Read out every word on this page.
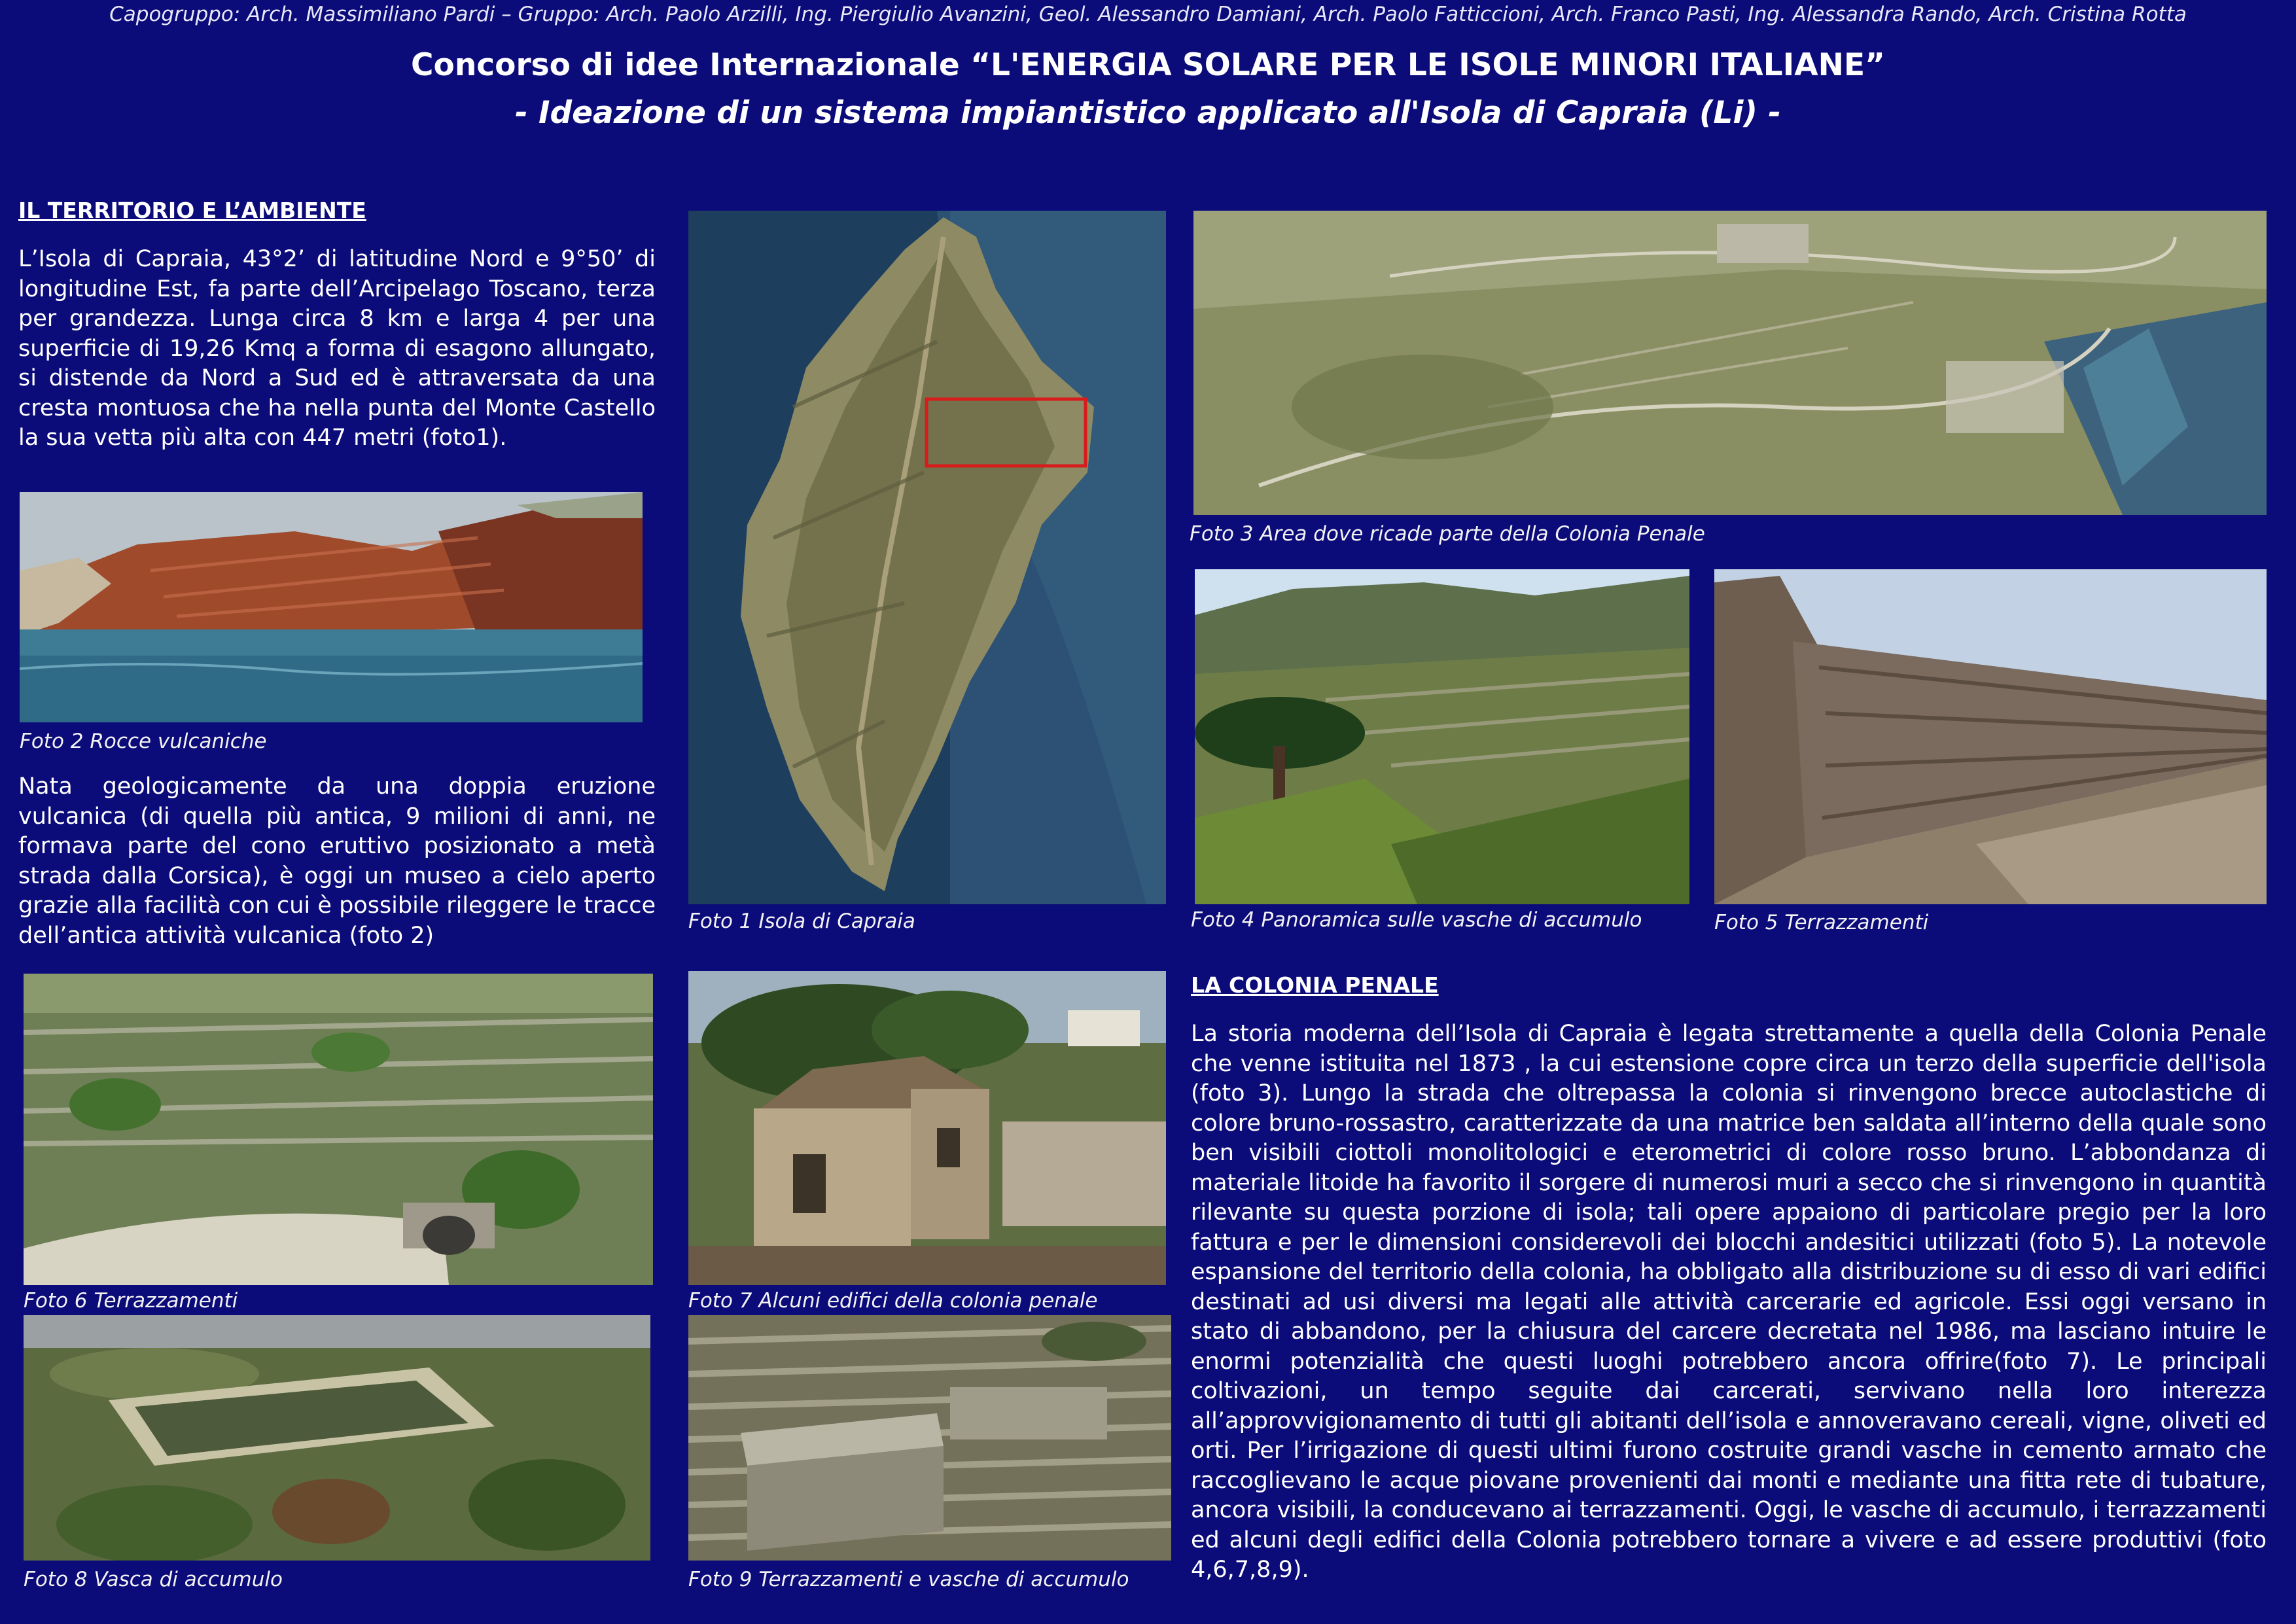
Capogruppo: Arch. Massimiliano Pardi – Gruppo: Arch. Paolo Arzilli, Ing. Piergiulio Avanzini, Geol. Alessandro Damiani, Arch. Paolo Fatticcioni, Arch. Franco Pasti, Ing. Alessandra Rando, Arch. Cristina Rotta
Concorso di idee Internazionale “L'ENERGIA SOLARE PER LE ISOLE MINORI ITALIANE”
- Ideazione di un sistema impiantistico applicato all'Isola di Capraia (Li) -
IL TERRITORIO E L’AMBIENTE
L’Isola di Capraia, 43°2’ di latitudine Nord e 9°50’ di longitudine Est, fa parte dell’Arcipelago Toscano, terza per grandezza. Lunga circa 8 km e larga 4 per una superficie di 19,26 Kmq a forma di esagono allungato, si distende da Nord a Sud ed è attraversata da una cresta montuosa che ha nella punta del Monte Castello la sua vetta più alta con 447 metri (foto1).
Foto 2 Rocce vulcaniche
Nata geologicamente da una doppia eruzione vulcanica (di quella più antica, 9 milioni di anni, ne formava parte del cono eruttivo posizionato a metà strada dalla Corsica), è oggi un museo a cielo aperto grazie alla facilità con cui è possibile rileggere le tracce dell’antica attività vulcanica (foto 2)
Foto 6 Terrazzamenti
Foto 8 Vasca di accumulo
Foto 1 Isola di Capraia
Foto 7 Alcuni edifici della colonia penale
Foto 9 Terrazzamenti e vasche di accumulo
Foto 3 Area dove ricade parte della Colonia Penale
Foto 4 Panoramica sulle vasche di accumulo	Foto 5 Terrazzamenti
LA COLONIA PENALE
La storia moderna dell’Isola di Capraia è legata strettamente a quella della Colonia Penale che venne istituita nel 1873 , la cui estensione copre circa un terzo della superficie dell'isola (foto 3). Lungo la strada che oltrepassa la colonia si rinvengono brecce autoclastiche di colore bruno-rossastro, caratterizzate da una matrice ben saldata all’interno della quale sono ben visibili ciottoli monolitologici e eterometrici di colore rosso bruno. L’abbondanza di materiale litoide ha favorito il sorgere di numerosi muri a secco che si rinvengono in quantità rilevante su questa porzione di isola; tali opere appaiono di particolare pregio per la loro fattura e per le dimensioni considerevoli dei blocchi andesitici utilizzati (foto 5). La notevole espansione del territorio della colonia, ha obbligato alla distribuzione su di esso di vari edifici destinati ad usi diversi ma legati alle attività carcerarie ed agricole. Essi oggi versano in stato di abbandono, per la chiusura del carcere decretata nel 1986, ma lasciano intuire le enormi potenzialità che questi luoghi potrebbero ancora offrire(foto 7). Le principali coltivazioni, un tempo seguite dai carcerati, servivano nella loro interezza all’approvvigionamento di tutti gli abitanti dell’isola e annoveravano cereali, vigne, oliveti ed orti. Per l’irrigazione di questi ultimi furono costruite grandi vasche in cemento armato che raccoglievano le acque piovane provenienti dai monti e mediante una fitta rete di tubature, ancora visibili, la conducevano ai terrazzamenti. Oggi, le vasche di accumulo, i terrazzamenti ed alcuni degli edifici della Colonia potrebbero tornare a vivere e ad essere produttivi (foto 4,6,7,8,9).
